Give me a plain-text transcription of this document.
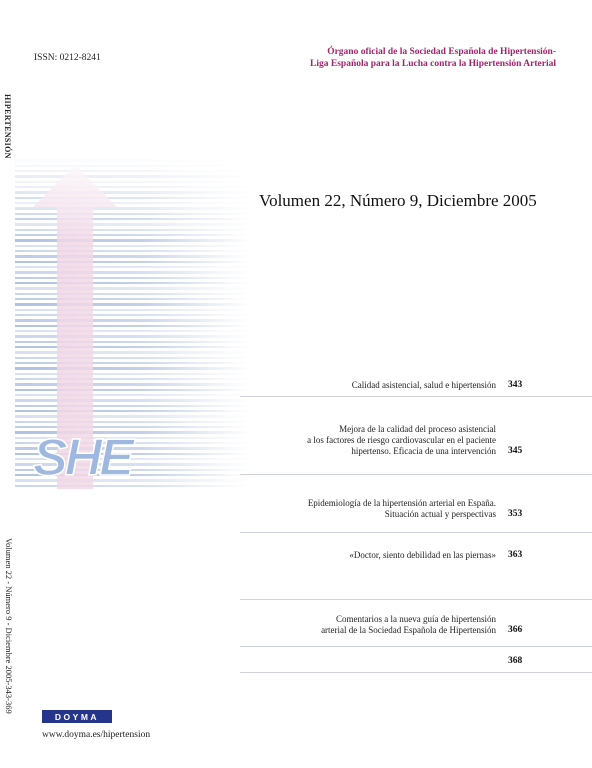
ISSN: 0212-8241
Órgano oficial de la Sociedad Española de Hipertensión-
Liga Española para la Lucha contra la Hipertensión Arterial
HIPERTENSIÓN
Volumen 22 - Número 9 - Diciembre 2005-343-369
SHE
Volumen 22, Número 9, Diciembre 2005
Calidad asistencial, salud e hipertensión 343
Mejora de la calidad del proceso asistencial
a los factores de riesgo cardiovascular en el paciente
hipertenso. Eficacia de una intervención 345
Epidemiología de la hipertensión arterial en España.
Situación actual y perspectivas 353
«Doctor, siento debilidad en las piernas» 363
Comentarios a la nueva guía de hipertensión
arterial de la Sociedad Española de Hipertensión 366
368
DOYMA
www.doyma.es/hipertension
